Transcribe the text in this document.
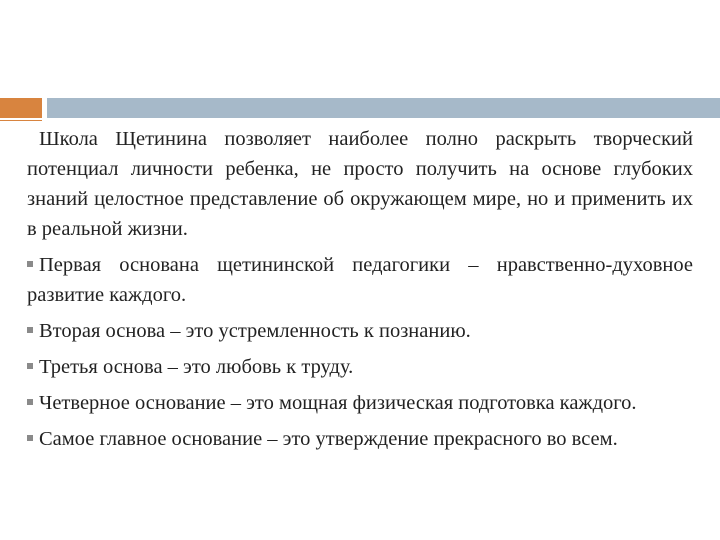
Школа Щетинина позволяет наиболее полно раскрыть творческий потенциал личности ребенка, не просто получить на основе глубоких знаний целостное представление об окружающем мире, но и применить их в реальной жизни.

Первая основана щетининской педагогики – нравственно-духовное развитие каждого.
Вторая основа – это устремленность к познанию.
Третья основа – это любовь к труду.
Четверное основание – это мощная физическая подготовка каждого.
Самое главное основание – это утверждение прекрасного во всем.
